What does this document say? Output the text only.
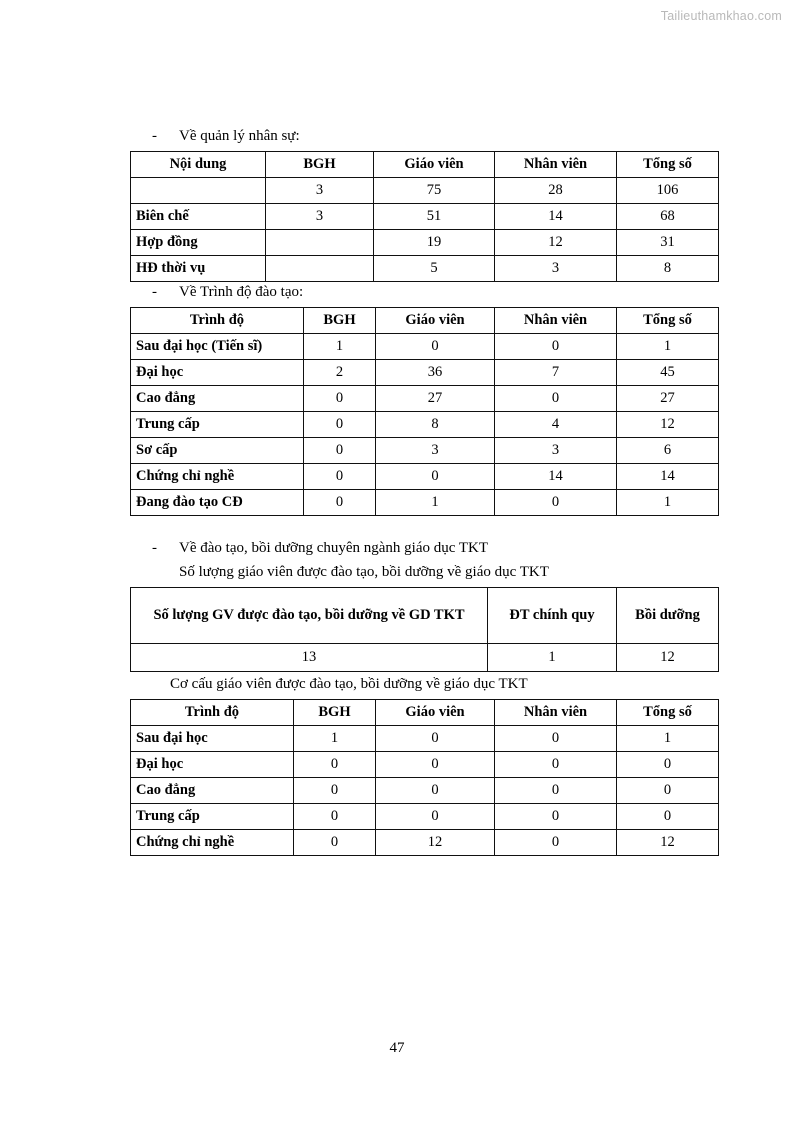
Tailieuthamkhao.com

-	Về quản lý nhân sự:

Nội dung	BGH	Giáo viên	Nhân viên	Tổng số
	3	75	28	106
Biên chế	3	51	14	68
Hợp đồng		19	12	31
HĐ thời vụ		5	3	8

-	Về Trình độ đào tạo:

Trình độ	BGH	Giáo viên	Nhân viên	Tổng số
Sau đại học (Tiến sĩ)	1	0	0	1
Đại học	2	36	7	45
Cao đẳng	0	27	0	27
Trung cấp	0	8	4	12
Sơ cấp	0	3	3	6
Chứng chỉ nghề	0	0	14	14
Đang đào tạo CĐ	0	1	0	1

-	Về đào tạo, bồi dưỡng chuyên ngành giáo dục TKT

Số lượng giáo viên được đào tạo, bồi dưỡng về giáo dục TKT

Số lượng GV được đào tạo, bồi dưỡng về GD TKT	ĐT chính quy	Bồi dưỡng
13	1	12

Cơ cấu giáo viên được đào tạo, bồi dưỡng về giáo dục TKT

Trình độ	BGH	Giáo viên	Nhân viên	Tổng số
Sau đại học	1	0	0	1
Đại học	0	0	0	0
Cao đẳng	0	0	0	0
Trung cấp	0	0	0	0
Chứng chỉ nghề	0	12	0	12
47
